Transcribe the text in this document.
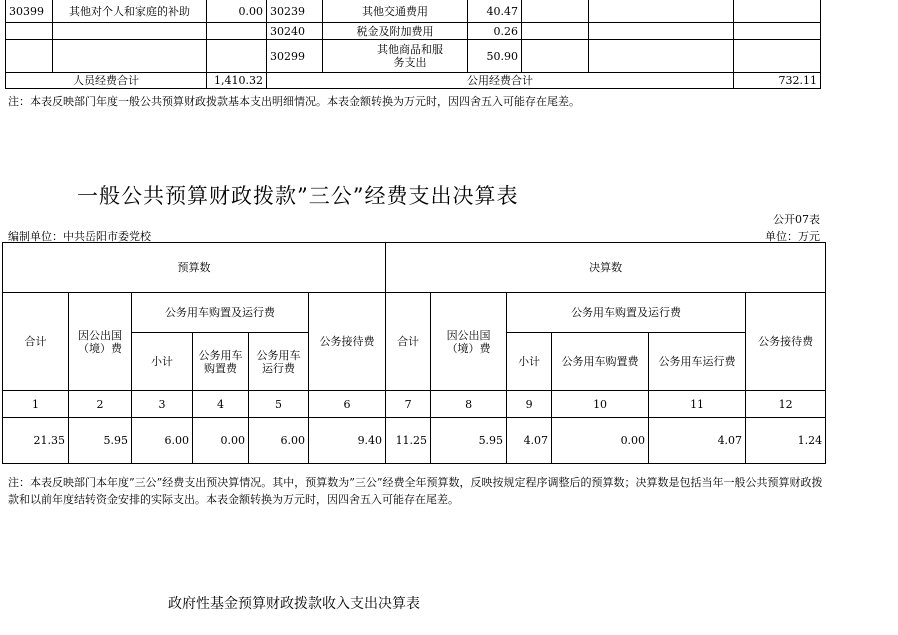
30399	其他对个人和家庭的补助	0.00	30239	其他交通费用	40.47			
			30240	税金及附加费用	0.26			
			30299	其他商品和服务支出	50.90			
人员经费合计		1,410.32	公用经费合计					732.11
注：本表反映部门年度一般公共预算财政拨款基本支出明细情况。本表金额转换为万元时，因四舍五入可能存在尾差。
一般公共预算财政拨款”三公”经费支出决算表
公开07表
编制单位：中共岳阳市委党校	单位：万元
预算数						决算数					
合计	因公出国（境）费	公务用车购置及运行费			公务接待费	合计	因公出国（境）费	公务用车购置及运行费			公务接待费
		小计	公务用车购置费	公务用车运行费				小计	公务用车购置费	公务用车运行费	
1	2	3	4	5	6	7	8	9	10	11	12
21.35	5.95	6.00	0.00	6.00	9.40	11.25	5.95	4.07	0.00	4.07	1.24
注：本表反映部门本年度”三公”经费支出预决算情况。其中，预算数为”三公”经费全年预算数，反映按规定程序调整后的预算数；决算数是包括当年一般公共预算财政拨款和以前年度结转资金安排的实际支出。本表金额转换为万元时，因四舍五入可能存在尾差。
政府性基金预算财政拨款收入支出决算表
